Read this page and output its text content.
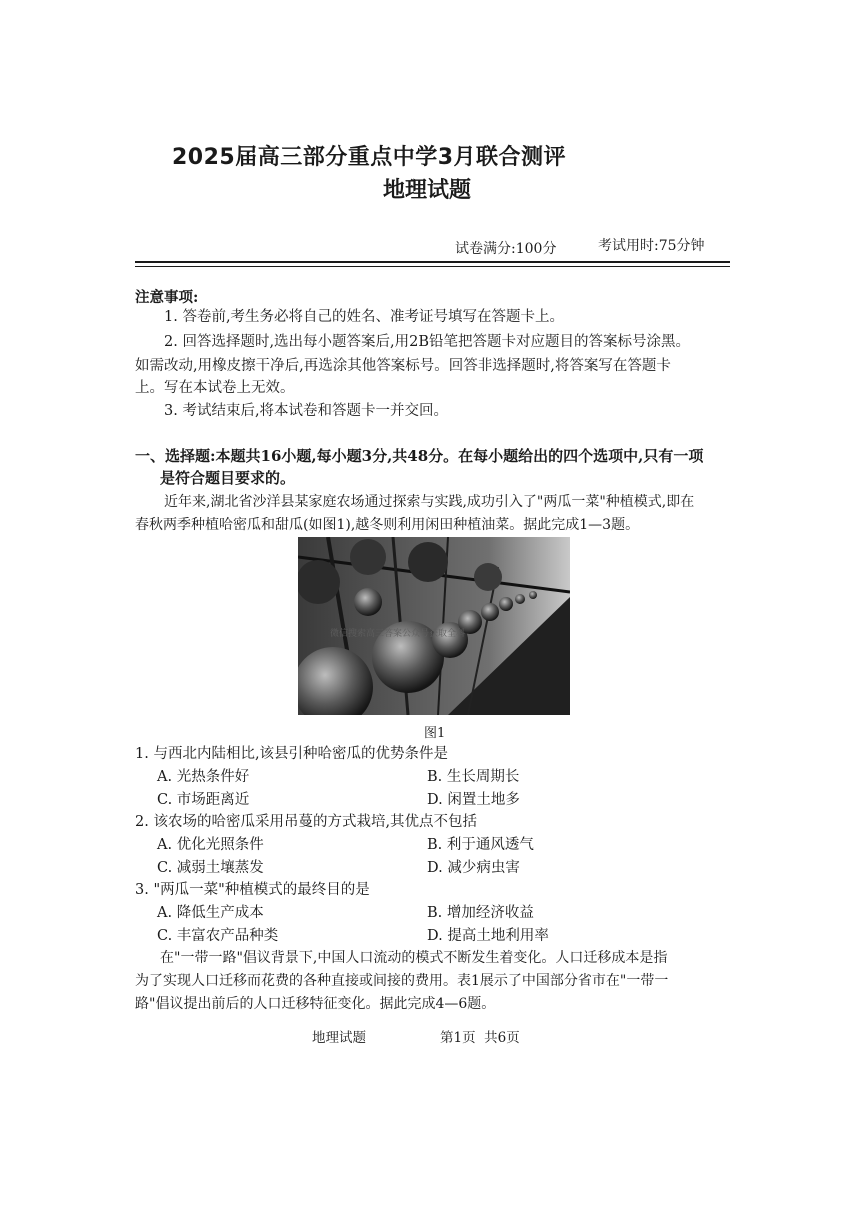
2025届高三部分重点中学3月联合测评
地理试题
试卷满分:100分	考试用时:75分钟
注意事项:
1. 答卷前,考生务必将自己的姓名、准考证号填写在答题卡上。
2. 回答选择题时,选出每小题答案后,用2B铅笔把答题卡对应题目的答案标号涂黑。
如需改动,用橡皮擦干净后,再选涂其他答案标号。回答非选择题时,将答案写在答题卡
上。写在本试卷上无效。
3. 考试结束后,将本试卷和答题卡一并交回。
一、选择题:本题共16小题,每小题3分,共48分。在每小题给出的四个选项中,只有一项
是符合题目要求的。
近年来,湖北省沙洋县某家庭农场通过探索与实践,成功引入了"两瓜一菜"种植模式,即在
春秋两季种植哈密瓜和甜瓜(如图1),越冬则利用闲田种植油菜。据此完成1—3题。
微信搜索高三答案公众号获取全科
图1
1. 与西北内陆相比,该县引种哈密瓜的优势条件是
A. 光热条件好	B. 生长周期长
C. 市场距离近	D. 闲置土地多
2. 该农场的哈密瓜采用吊蔓的方式栽培,其优点不包括
A. 优化光照条件	B. 利于通风透气
C. 减弱土壤蒸发	D. 减少病虫害
3. "两瓜一菜"种植模式的最终目的是
A. 降低生产成本	B. 增加经济收益
C. 丰富农产品种类	D. 提高土地利用率
在"一带一路"倡议背景下,中国人口流动的模式不断发生着变化。人口迁移成本是指
为了实现人口迁移而花费的各种直接或间接的费用。表1展示了中国部分省市在"一带一
路"倡议提出前后的人口迁移特征变化。据此完成4—6题。
地理试题	第1页  共6页
